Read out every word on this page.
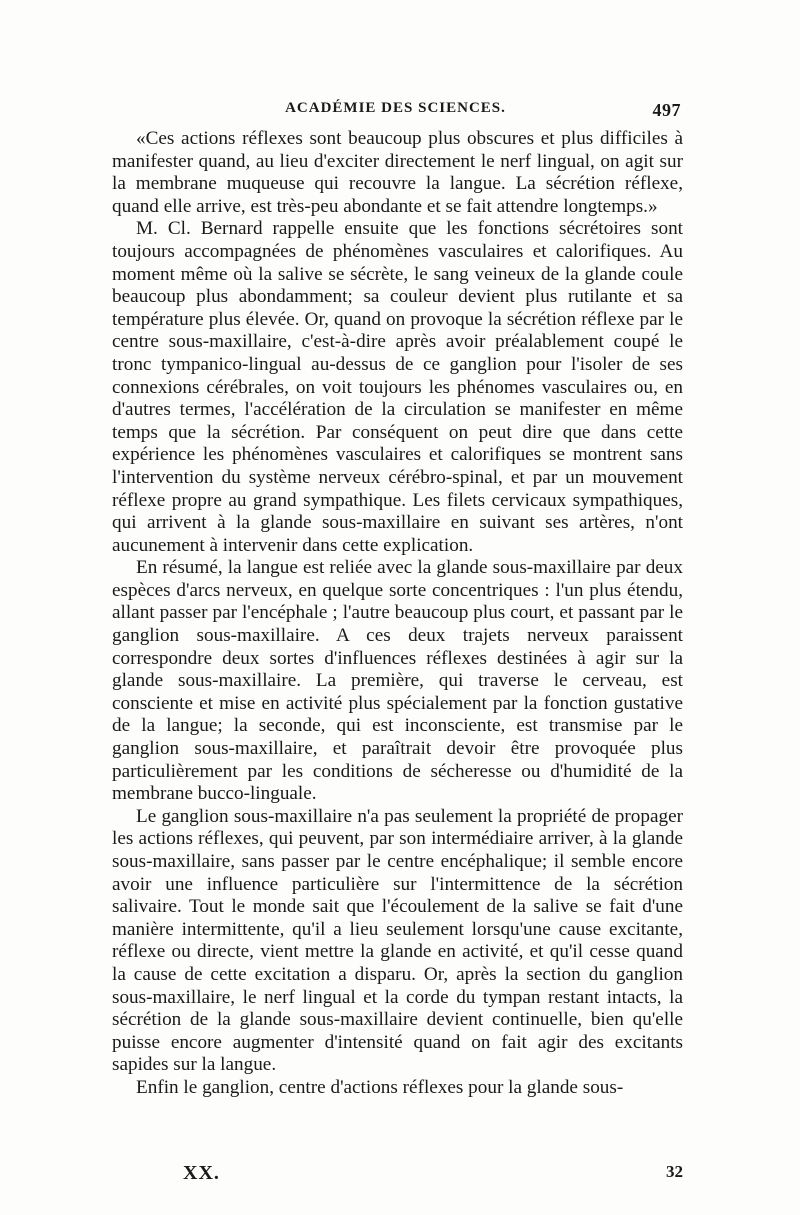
ACADÉMIE DES SCIENCES.	497

«Ces actions réflexes sont beaucoup plus obscures et plus difficiles à manifester quand, au lieu d'exciter directement le nerf lingual, on agit sur la membrane muqueuse qui recouvre la langue. La sécrétion réflexe, quand elle arrive, est très-peu abondante et se fait attendre longtemps.»

M. Cl. Bernard rappelle ensuite que les fonctions sécrétoires sont toujours accompagnées de phénomènes vasculaires et calorifiques. Au moment même où la salive se sécrète, le sang veineux de la glande coule beaucoup plus abondamment; sa couleur devient plus rutilante et sa température plus élevée. Or, quand on provoque la sécrétion réflexe par le centre sous-maxillaire, c'est-à-dire après avoir préalablement coupé le tronc tympanico-lingual au-dessus de ce ganglion pour l'isoler de ses connexions cérébrales, on voit toujours les phénomes vasculaires ou, en d'autres termes, l'accélération de la circulation se manifester en même temps que la sécrétion. Par conséquent on peut dire que dans cette expérience les phénomènes vasculaires et calorifiques se montrent sans l'intervention du système nerveux cérébro-spinal, et par un mouvement réflexe propre au grand sympathique. Les filets cervicaux sympathiques, qui arrivent à la glande sous-maxillaire en suivant ses artères, n'ont aucunement à intervenir dans cette explication.

En résumé, la langue est reliée avec la glande sous-maxillaire par deux espèces d'arcs nerveux, en quelque sorte concentriques : l'un plus étendu, allant passer par l'encéphale ; l'autre beaucoup plus court, et passant par le ganglion sous-maxillaire. A ces deux trajets nerveux paraissent correspondre deux sortes d'influences réflexes destinées à agir sur la glande sous-maxillaire. La première, qui traverse le cerveau, est consciente et mise en activité plus spécialement par la fonction gustative de la langue; la seconde, qui est inconsciente, est transmise par le ganglion sous-maxillaire, et paraîtrait devoir être provoquée plus particulièrement par les conditions de sécheresse ou d'humidité de la membrane bucco-linguale.

Le ganglion sous-maxillaire n'a pas seulement la propriété de propager les actions réflexes, qui peuvent, par son intermédiaire arriver, à la glande sous-maxillaire, sans passer par le centre encéphalique; il semble encore avoir une influence particulière sur l'intermittence de la sécrétion salivaire. Tout le monde sait que l'écoulement de la salive se fait d'une manière intermittente, qu'il a lieu seulement lorsqu'une cause excitante, réflexe ou directe, vient mettre la glande en activité, et qu'il cesse quand la cause de cette excitation a disparu. Or, après la section du ganglion sous-maxillaire, le nerf lingual et la corde du tympan restant intacts, la sécrétion de la glande sous-maxillaire devient continuelle, bien qu'elle puisse encore augmenter d'intensité quand on fait agir des excitants sapides sur la langue.

Enfin le ganglion, centre d'actions réflexes pour la glande sous-

XX.	32
